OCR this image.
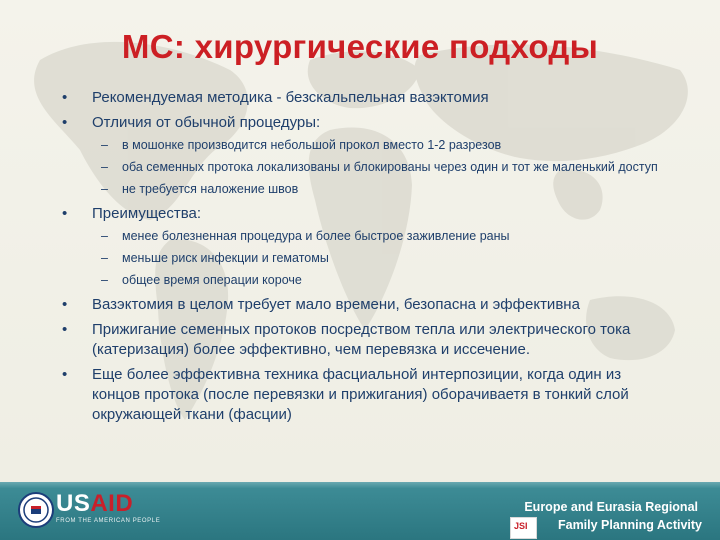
МС: хирургические подходы
• Рекомендуемая методика - безскальпельная вазэктомия
• Отличия от обычной процедуры:
– в мошонке производится небольшой прокол вместо 1-2 разрезов
– оба семенных протока локализованы и блокированы через один и тот же маленький доступ
– не требуется наложение швов
• Преимущества:
– менее болезненная процедура и более быстрое заживление раны
– меньше риск инфекции и гематомы
– общее время операции короче
• Вазэктомия в целом требует мало времени, безопасна и эффективна
• Прижигание семенных протоков посредством тепла или электрического тока (катеризация) более эффективно, чем перевязка и иссечение.
• Еще более эффективна техника фасциальной интерпозиции, когда один из концов протока (после перевязки и прижигания) оборачиваетя в тонкий слой окружающей ткани (фасции)
USAID
FROM THE AMERICAN PEOPLE
Europe and Eurasia Regional
JSI Family Planning Activity
